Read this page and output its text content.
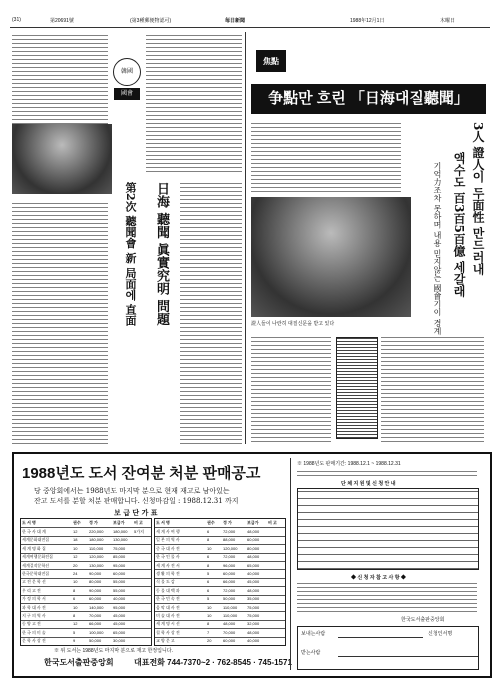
(31)	第20691號	(第3種郵便物認可)	毎日新聞	1988年12月1日	木曜日
韓國
國會
日海 聽聞 眞實究明 問題
第2次 聽聞會 新 局面에 直面
焦點
争點만 흐린 「日海대질聽聞」
3人 證人이 두面性 만드러내
액수도 百3百5百億 세갈래
기억力조차 못하며 내용 믿지않는 國會기이 경계
證人들이 나란히 대질신문을 받고 있다
1988년도 도서 잔여분 처분 판매공고
당 중앙회에서는 1988년도 마지막 분으로 현재 재고로 남아있는
잔고 도서를 분할 처분 판매합니다. 신청마감일 : 1988.12.31 까지
보 급 단 가 표
도 서 명	권수 정 가	보급가 비 고
한 국 사 대 계	12	220,000 180,000 5가지
세계문화대전집	18	180,000 130,000
세 계 명 화 집	10	110,000 75,000
세계여행문화전집	12	120,000 85,000
세계걸작문학선	20	130,000 95,000
한국문학대전집	24	90,000	60,000
고 전 문 학 선	10	80,000	55,000
우 리 고 전	8	90,000	55,000
가 정 의 학 서	6	60,000	40,000
과 학 대 사 전	10	140,000 95,000
지 구 의 역 사	8	70,000	45,000
동 양 고 전	12	66,000	45,000
한 국 의 미 술	5	100,000 65,000
문 학 사 상 전	9	50,000	30,000
도 서 명	권수 정 가	보급가 비 고
세 계 사 여 행	6	72,000	48,000
일 본 의 역 사	8	88,000	60,000
중 국 대 사 전	10	120,000 80,000
한 국 인 물 사	6	72,000	48,000
세 계 사 전 서	8	96,000	65,000
생 활 의 학 전	5	60,000	40,000
식 물 도 감	6	66,000	45,000
동 물 대 백 과	6	72,000	48,000
한 국 민 속 전	5	50,000	35,000
음 악 대 사 전	10	110,000 75,000
미 술 대 사 전	10	110,000 75,000
세 계 명 시 선	8	48,000	32,000
철 학 사 상 전	7	70,000	48,000
교 양 문 고	20	60,000	40,000
※ 위 도서는 1988년도 마지막 분으로 재고 한정입니다.
한국도서출판중앙회	대표전화 744-7370~2 · 762-8545 · 745-1571
※ 1988년도 판매기간: 1988.12.1 ~ 1988.12.31
단 체 지 원 및 신 청 안 내
◆ 신 청 자 참 고 사 항 ◆
한국도서출판중앙회
보내는사람
받는사람
신청인서명
